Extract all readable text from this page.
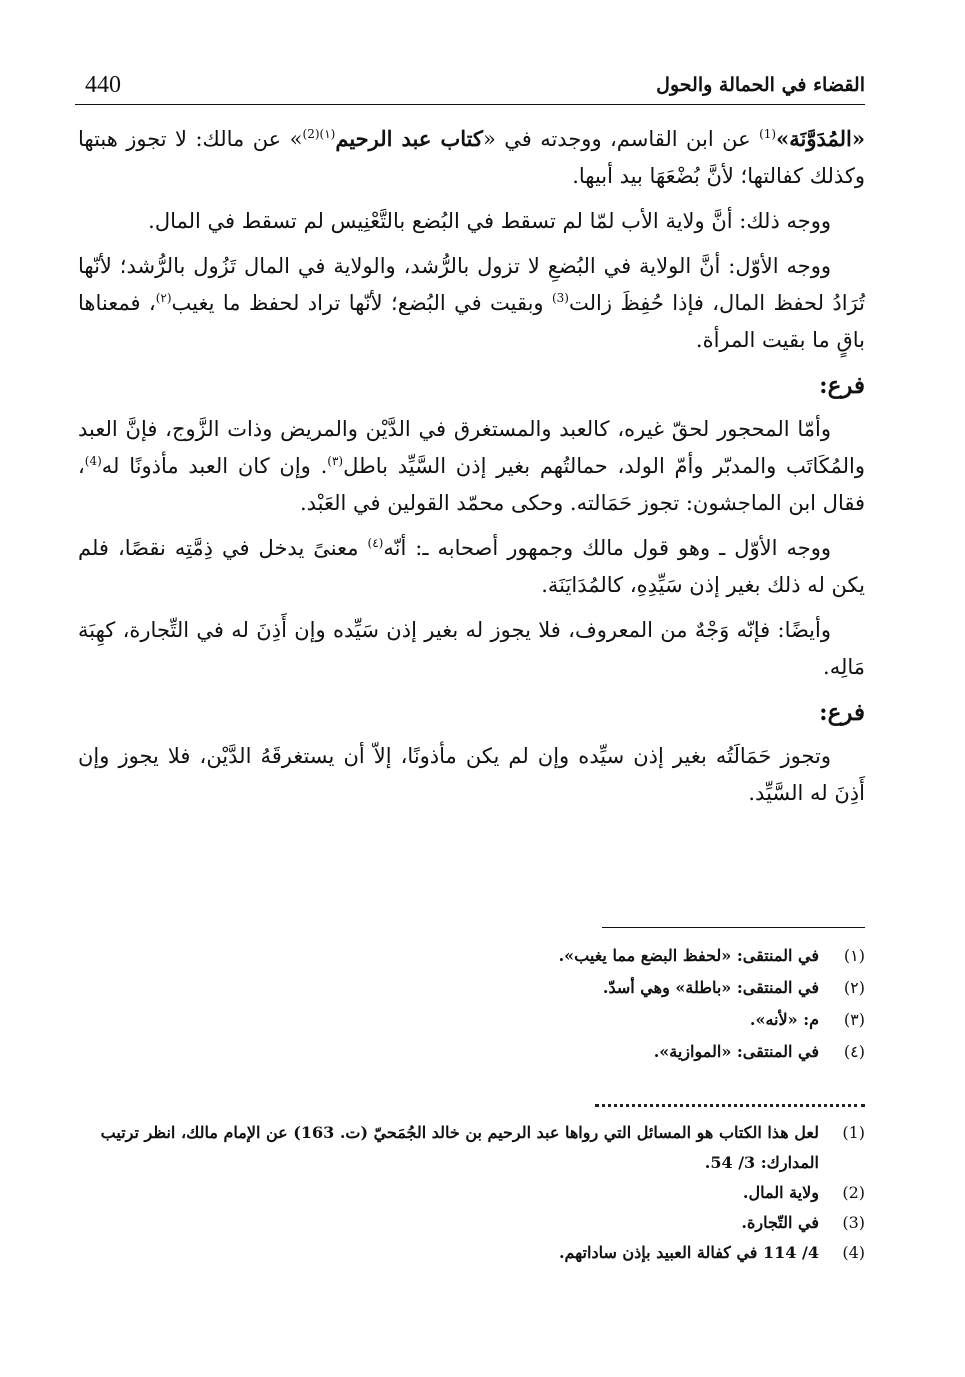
القضاء في الحمالة والحول
440

«المُدَوَّنَة»$^{(1)}$ عن ابن القاسم، ووجدته في «كتاب عبد الرحيم$^{(١)(2)}$» عن مالك: لا تجوز هبتها وكذلك كفالتها؛ لأنَّ بُضْعَهَا بيد أبيها.

ووجه ذلك: أنَّ ولاية الأب لمّا لم تسقط في البُضع بالتَّعْنِيس لم تسقط في المال.

ووجه الأوّل: أنَّ الولاية في البُضعِ لا تزول بالرُّشد، والولاية في المال تَزُول بالرُّشد؛ لأنّها تُرَادُ لحفظ المال، فإذا حُفِظَ زالت$^{(3)}$ وبقيت في البُضع؛ لأنّها تراد لحفظ ما يغيب$^{(٢)}$، فمعناها باقٍ ما بقيت المرأة.

فرع:

وأمّا المحجور لحقّ غيره، كالعبد والمستغرق في الدَّيْن والمريض وذات الزَّوج، فإنَّ العبد والمُكَاتَب والمدبّر وأمّ الولد، حمالتُهم بغير إذن السَّيِّد باطل$^{(٣)}$. وإن كان العبد مأذونًا له$^{(4)}$، فقال ابن الماجشون: تجوز حَمَالته. وحكى محمّد القولين في العَبْد.

ووجه الأوّل ـ وهو قول مالك وجمهور أصحابه ـ: أنّه$^{(٤)}$ معنىً يدخل في ذِمَّتِه نقصًا، فلم يكن له ذلك بغير إذن سَيِّدِهِ، كالمُدَايَنَة.

وأيضًا: فإنّه وَجْهٌ من المعروف، فلا يجوز له بغير إذن سَيِّده وإن أَذِنَ له في التِّجارة، كهِبَة مَالِه.

فرع:

وتجوز حَمَالَتُه بغير إذن سيِّده وإن لم يكن مأذونًا، إلاّ أن يستغرقَهُ الدَّيْن، فلا يجوز وإن أَذِنَ له السَّيِّد.

(١)
في المنتقى: «لحفظ البضع مما يغيب».
(٢)
في المنتقى: «باطلة» وهي أسدّ.
(٣)
م: «لأنه».
(٤)
في المنتقى: «الموازية».
(1)
لعل هذا الكتاب هو المسائل التي رواها عبد الرحيم بن خالد الجُمَحيّ (ت. 163) عن الإمام مالك، انظر ترتيب المدارك: 3/ 54.
(2)
ولاية المال.
(3)
في التّجارة.
(4)
4/ 114 في كفالة العبيد بإذن ساداتهم.
